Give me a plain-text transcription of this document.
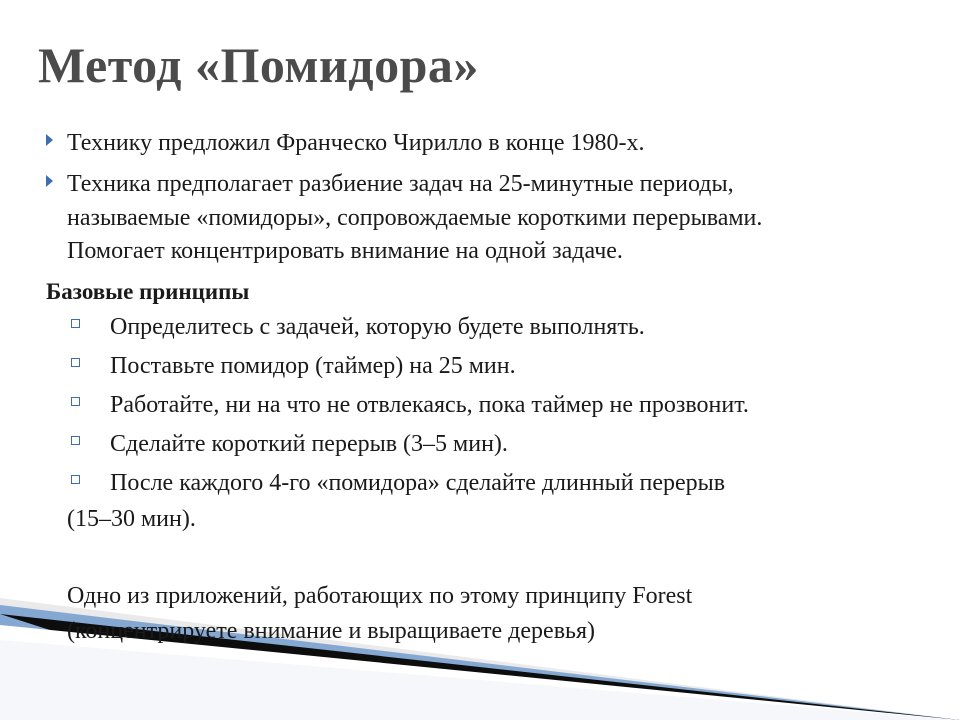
Метод «Помидора»
Технику предложил Франческо Чирилло в конце 1980-х.
Техника предполагает разбиение задач на 25-минутные периоды,
называемые «помидоры», сопровождаемые короткими перерывами.
Помогает концентрировать внимание на одной задаче.
Базовые принципы
Определитесь с задачей, которую будете выполнять.
Поставьте помидор (таймер) на 25 мин.
Работайте, ни на что не отвлекаясь, пока таймер не прозвонит.
Сделайте короткий перерыв (3–5 мин).
После каждого 4-го «помидора» сделайте длинный перерыв
(15–30 мин).
Одно из приложений, работающих по этому принципу Forest
(концентрируете внимание и выращиваете деревья)
